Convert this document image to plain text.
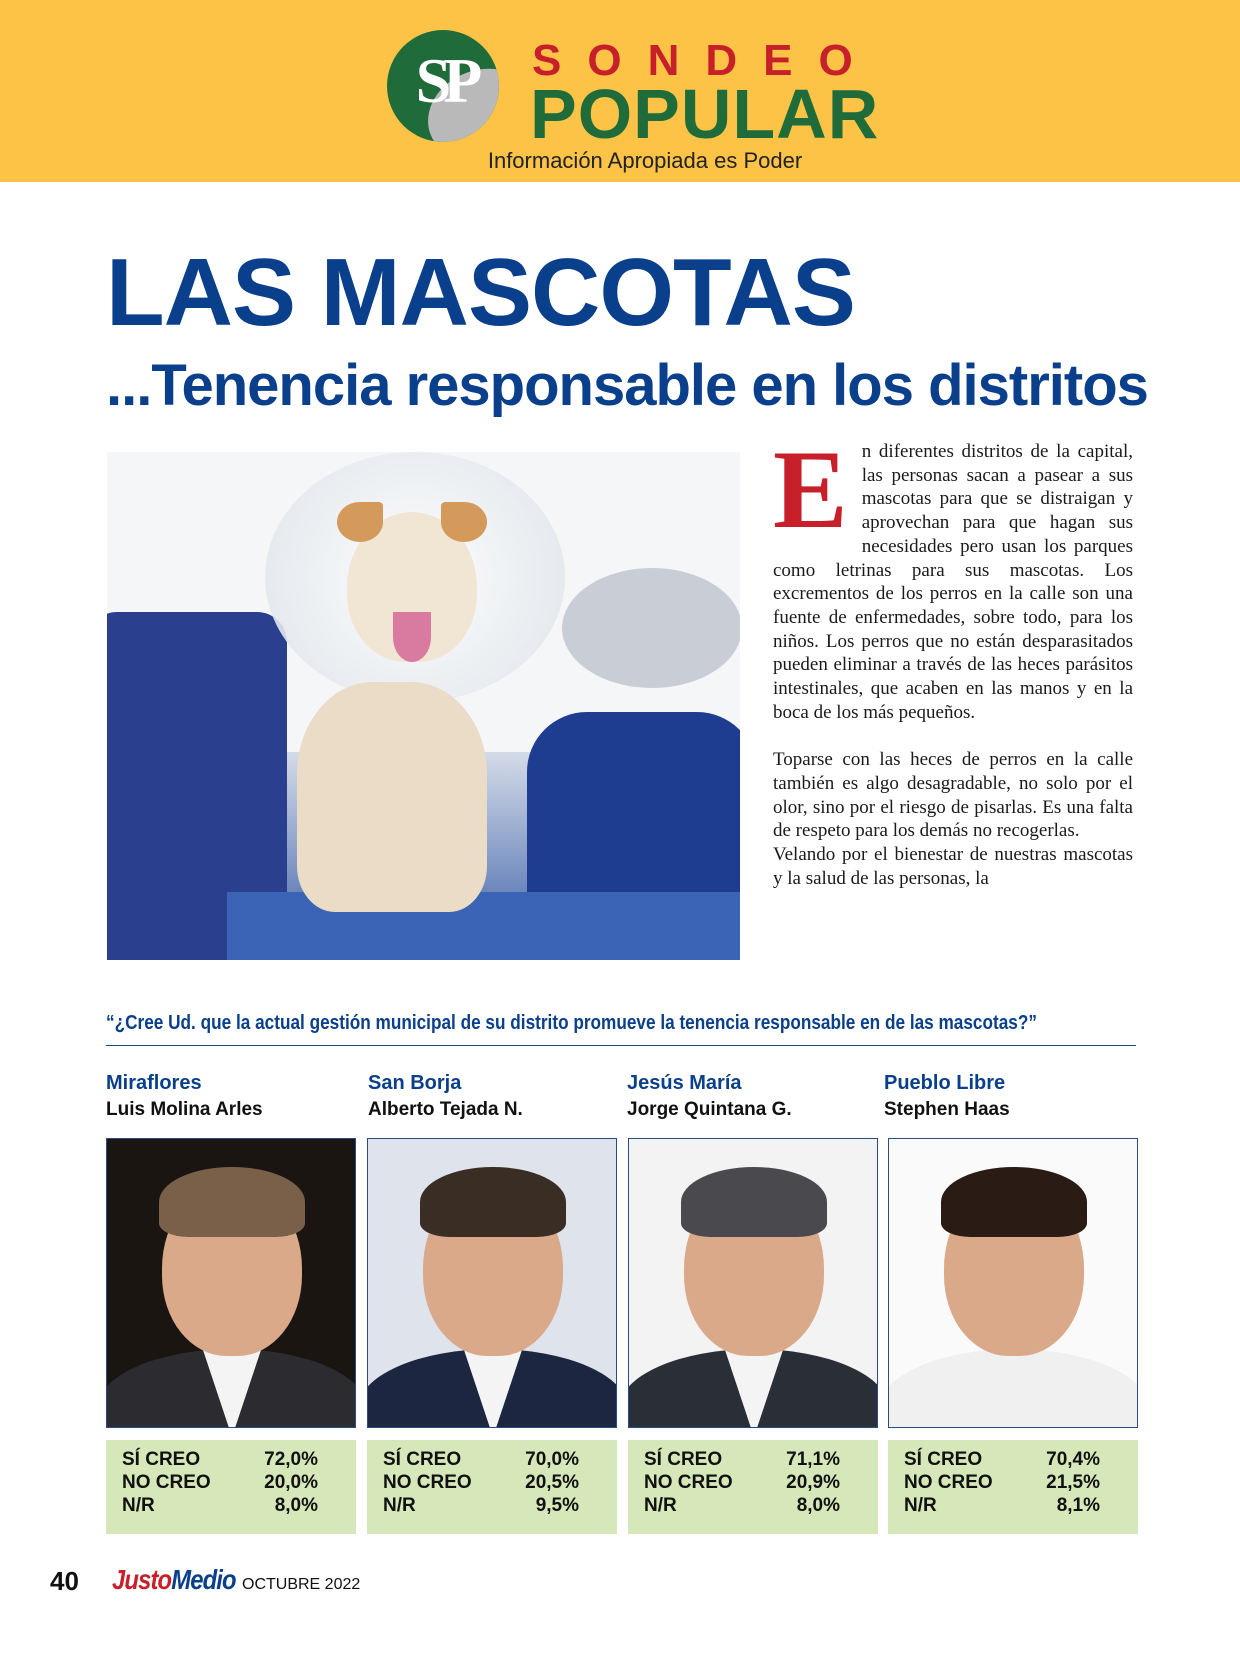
SP	SONDEO
POPULAR
Información Apropiada es Poder
LAS MASCOTAS
...Tenencia responsable en los distritos
E n diferentes distritos de la capital, las personas sacan a pasear a sus mascotas para que se distraigan y aprovechan para que hagan sus necesidades pero usan los parques como letrinas para sus mascotas. Los excrementos de los perros en la calle son una fuente de enfermedades, sobre todo, para los niños. Los perros que no están desparasitados pueden eliminar a través de las heces parásitos intestinales, que acaben en las manos y en la boca de los más pequeños.
Toparse con las heces de perros en la calle también es algo desagradable, no solo por el olor, sino por el riesgo de pisarlas. Es una falta de respeto para los demás no recogerlas.
Velando por el bienestar de nuestras mascotas y la salud de las personas, la
“¿Cree Ud. que la actual gestión municipal de su distrito promueve la tenencia responsable en de las mascotas?”
Miraflores
Luis Molina Arles
SÍ CREO	72,0%
NO CREO	20,0%
N/R	8,0%
San Borja
Alberto Tejada N.
SÍ CREO	70,0%
NO CREO	20,5%
N/R	9,5%
Jesús María
Jorge Quintana G.
SÍ CREO	71,1%
NO CREO	20,9%
N/R	8,0%
Pueblo Libre
Stephen Haas
SÍ CREO	70,4%
NO CREO	21,5%
N/R	8,1%
40 JustoMedio OCTUBRE 2022
